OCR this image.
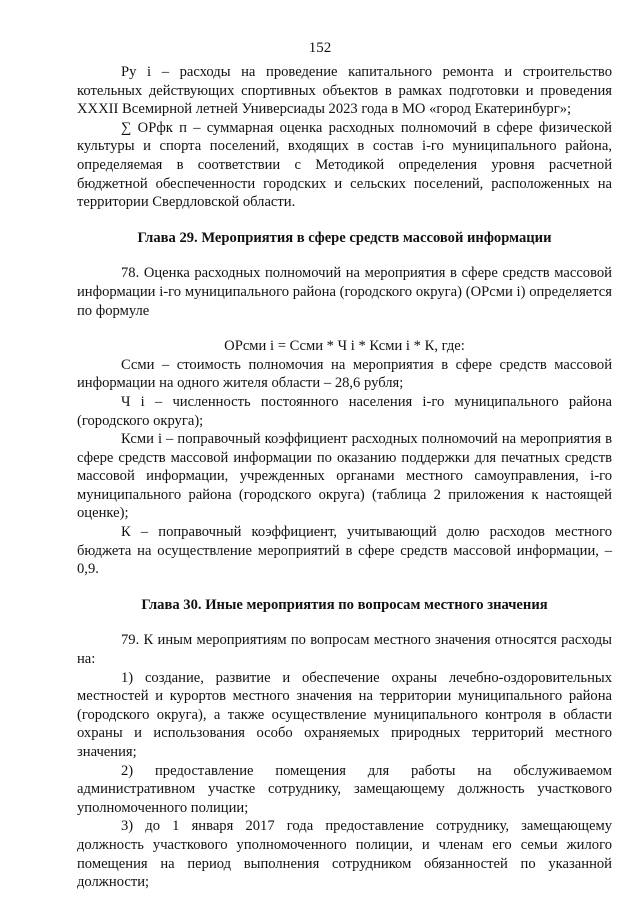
152

Ру і – расходы на проведение капитального ремонта и строительство котельных действующих спортивных объектов в рамках подготовки и проведения XXXII Всемирной летней Универсиады 2023 года в МО «город Екатеринбург»;

∑ ОРфк п – суммарная оценка расходных полномочий в сфере физической культуры и спорта поселений, входящих в состав і-го муниципального района, определяемая в соответствии с Методикой определения уровня расчетной бюджетной обеспеченности городских и сельских поселений, расположенных на территории Свердловской области.

Глава 29. Мероприятия в сфере средств массовой информации

78. Оценка расходных полномочий на мероприятия в сфере средств массовой информации і-го муниципального района (городского округа) (ОРсми і) определяется по формуле

ОРсми і = Ссми * Ч і * Ксми і * К, где:

Ссми – стоимость полномочия на мероприятия в сфере средств массовой информации на одного жителя области – 28,6 рубля;

Ч і – численность постоянного населения і-го муниципального района (городского округа);

Ксми і – поправочный коэффициент расходных полномочий на мероприятия в сфере средств массовой информации по оказанию поддержки для печатных средств массовой информации, учрежденных органами местного самоуправления, і-го муниципального района (городского округа) (таблица 2 приложения к настоящей оценке);

К – поправочный коэффициент, учитывающий долю расходов местного бюджета на осуществление мероприятий в сфере средств массовой информации, – 0,9.

Глава 30. Иные мероприятия по вопросам местного значения

79. К иным мероприятиям по вопросам местного значения относятся расходы на:

1) создание, развитие и обеспечение охраны лечебно-оздоровительных местностей и курортов местного значения на территории муниципального района (городского округа), а также осуществление муниципального контроля в области охраны и использования особо охраняемых природных территорий местного значения;

2) предоставление помещения для работы на обслуживаемом административном участке сотруднику, замещающему должность участкового уполномоченного полиции;

3) до 1 января 2017 года предоставление сотруднику, замещающему должность участкового уполномоченного полиции, и членам его семьи жилого помещения на период выполнения сотрудником обязанностей по указанной должности;
